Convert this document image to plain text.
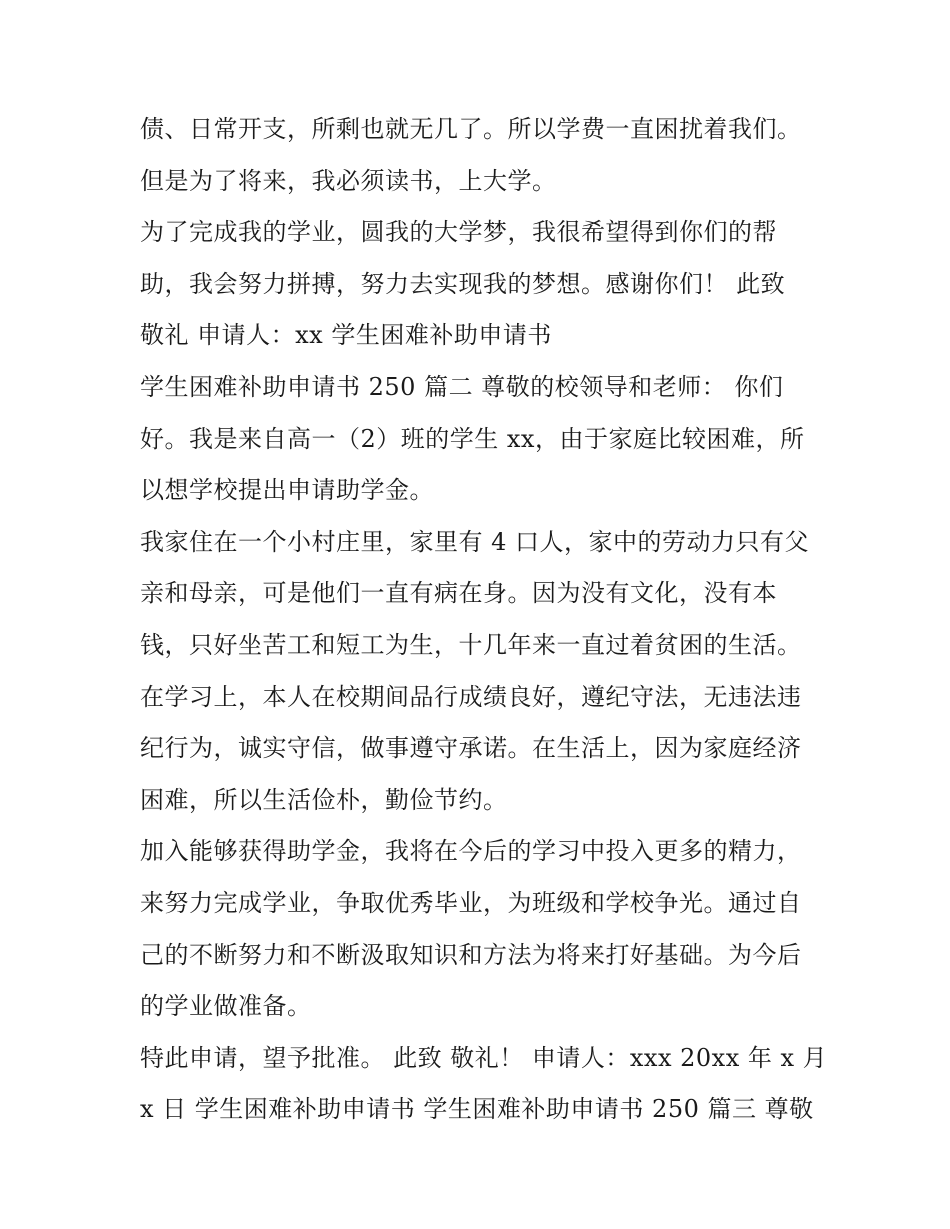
债、日常开支，所剩也就无几了。所以学费一直困扰着我们。
但是为了将来，我必须读书，上大学。
为了完成我的学业，圆我的大学梦，我很希望得到你们的帮
助，我会努力拼搏，努力去实现我的梦想。感谢你们！ 此致
敬礼 申请人：xx 学生困难补助申请书
学生困难补助申请书 250 篇二 尊敬的校领导和老师： 你们
好。我是来自高一（2）班的学生 xx，由于家庭比较困难，所
以想学校提出申请助学金。
我家住在一个小村庄里，家里有 4 口人，家中的劳动力只有父
亲和母亲，可是他们一直有病在身。因为没有文化，没有本
钱，只好坐苦工和短工为生，十几年来一直过着贫困的生活。
在学习上，本人在校期间品行成绩良好，遵纪守法，无违法违
纪行为，诚实守信，做事遵守承诺。在生活上，因为家庭经济
困难，所以生活俭朴，勤俭节约。
加入能够获得助学金，我将在今后的学习中投入更多的精力，
来努力完成学业，争取优秀毕业，为班级和学校争光。通过自
己的不断努力和不断汲取知识和方法为将来打好基础。为今后
的学业做准备。
特此申请，望予批准。 此致 敬礼！ 申请人：xxx 20xx 年 x 月
x 日 学生困难补助申请书 学生困难补助申请书 250 篇三 尊敬
